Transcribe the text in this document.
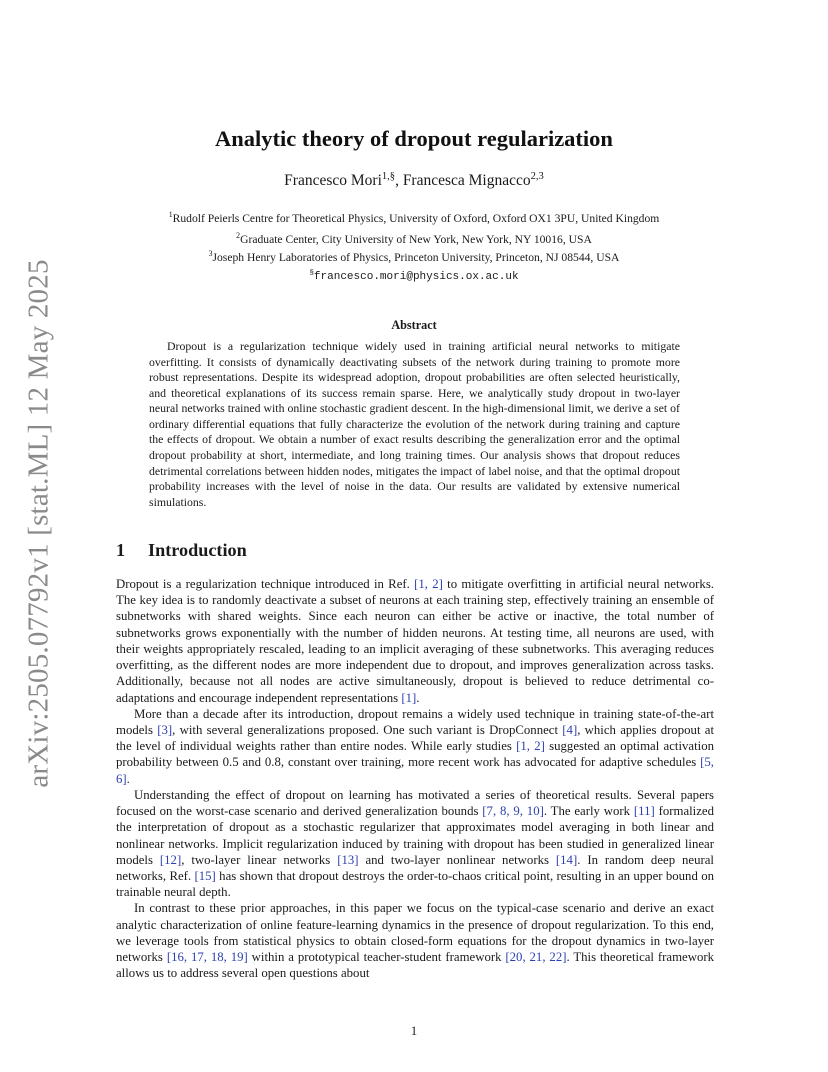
arXiv:2505.07792v1 [stat.ML] 12 May 2025
Analytic theory of dropout regularization
Francesco Mori$^{1,\S}$, Francesca Mignacco$^{2,3}$
$^1$Rudolf Peierls Centre for Theoretical Physics, University of Oxford, Oxford OX1 3PU, United Kingdom
$^2$Graduate Center, City University of New York, New York, NY 10016, USA
$^3$Joseph Henry Laboratories of Physics, Princeton University, Princeton, NJ 08544, USA
§francesco.mori@physics.ox.ac.uk
Abstract

Dropout is a regularization technique widely used in training artificial neural networks to mitigate overfitting. It consists of dynamically deactivating subsets of the network during training to promote more robust representations. Despite its widespread adoption, dropout probabilities are often selected heuristically, and theoretical explanations of its success remain sparse. Here, we analytically study dropout in two-layer neural networks trained with online stochastic gradient descent. In the high-dimensional limit, we derive a set of ordinary differential equations that fully characterize the evolution of the network during training and capture the effects of dropout. We obtain a number of exact results describing the generalization error and the optimal dropout probability at short, intermediate, and long training times. Our analysis shows that dropout reduces detrimental correlations between hidden nodes, mitigates the impact of label noise, and that the optimal dropout probability increases with the level of noise in the data. Our results are validated by extensive numerical simulations.

1 Introduction

Dropout is a regularization technique introduced in Ref. [1, 2] to mitigate overfitting in artificial neural networks. The key idea is to randomly deactivate a subset of neurons at each training step, effectively training an ensemble of subnetworks with shared weights. Since each neuron can either be active or inactive, the total number of subnetworks grows exponentially with the number of hidden neurons. At testing time, all neurons are used, with their weights appropriately rescaled, leading to an implicit averaging of these subnetworks. This averaging reduces overfitting, as the different nodes are more independent due to dropout, and improves generalization across tasks. Additionally, because not all nodes are active simultaneously, dropout is believed to reduce detrimental co-adaptations and encourage independent representations [1].

More than a decade after its introduction, dropout remains a widely used technique in training state-of-the-art models [3], with several generalizations proposed. One such variant is DropConnect [4], which applies dropout at the level of individual weights rather than entire nodes. While early studies [1, 2] suggested an optimal activation probability between 0.5 and 0.8, constant over training, more recent work has advocated for adaptive schedules [5, 6].

Understanding the effect of dropout on learning has motivated a series of theoretical results. Several papers focused on the worst-case scenario and derived generalization bounds [7, 8, 9, 10]. The early work [11] formalized the interpretation of dropout as a stochastic regularizer that approximates model averaging in both linear and nonlinear networks. Implicit regularization induced by training with dropout has been studied in generalized linear models [12], two-layer linear networks [13] and two-layer nonlinear networks [14]. In random deep neural networks, Ref. [15] has shown that dropout destroys the order-to-chaos critical point, resulting in an upper bound on trainable neural depth.

In contrast to these prior approaches, in this paper we focus on the typical-case scenario and derive an exact analytic characterization of online feature-learning dynamics in the presence of dropout regularization. To this end, we leverage tools from statistical physics to obtain closed-form equations for the dropout dynamics in two-layer networks [16, 17, 18, 19] within a prototypical teacher-student framework [20, 21, 22]. This theoretical framework allows us to address several open questions about

1
